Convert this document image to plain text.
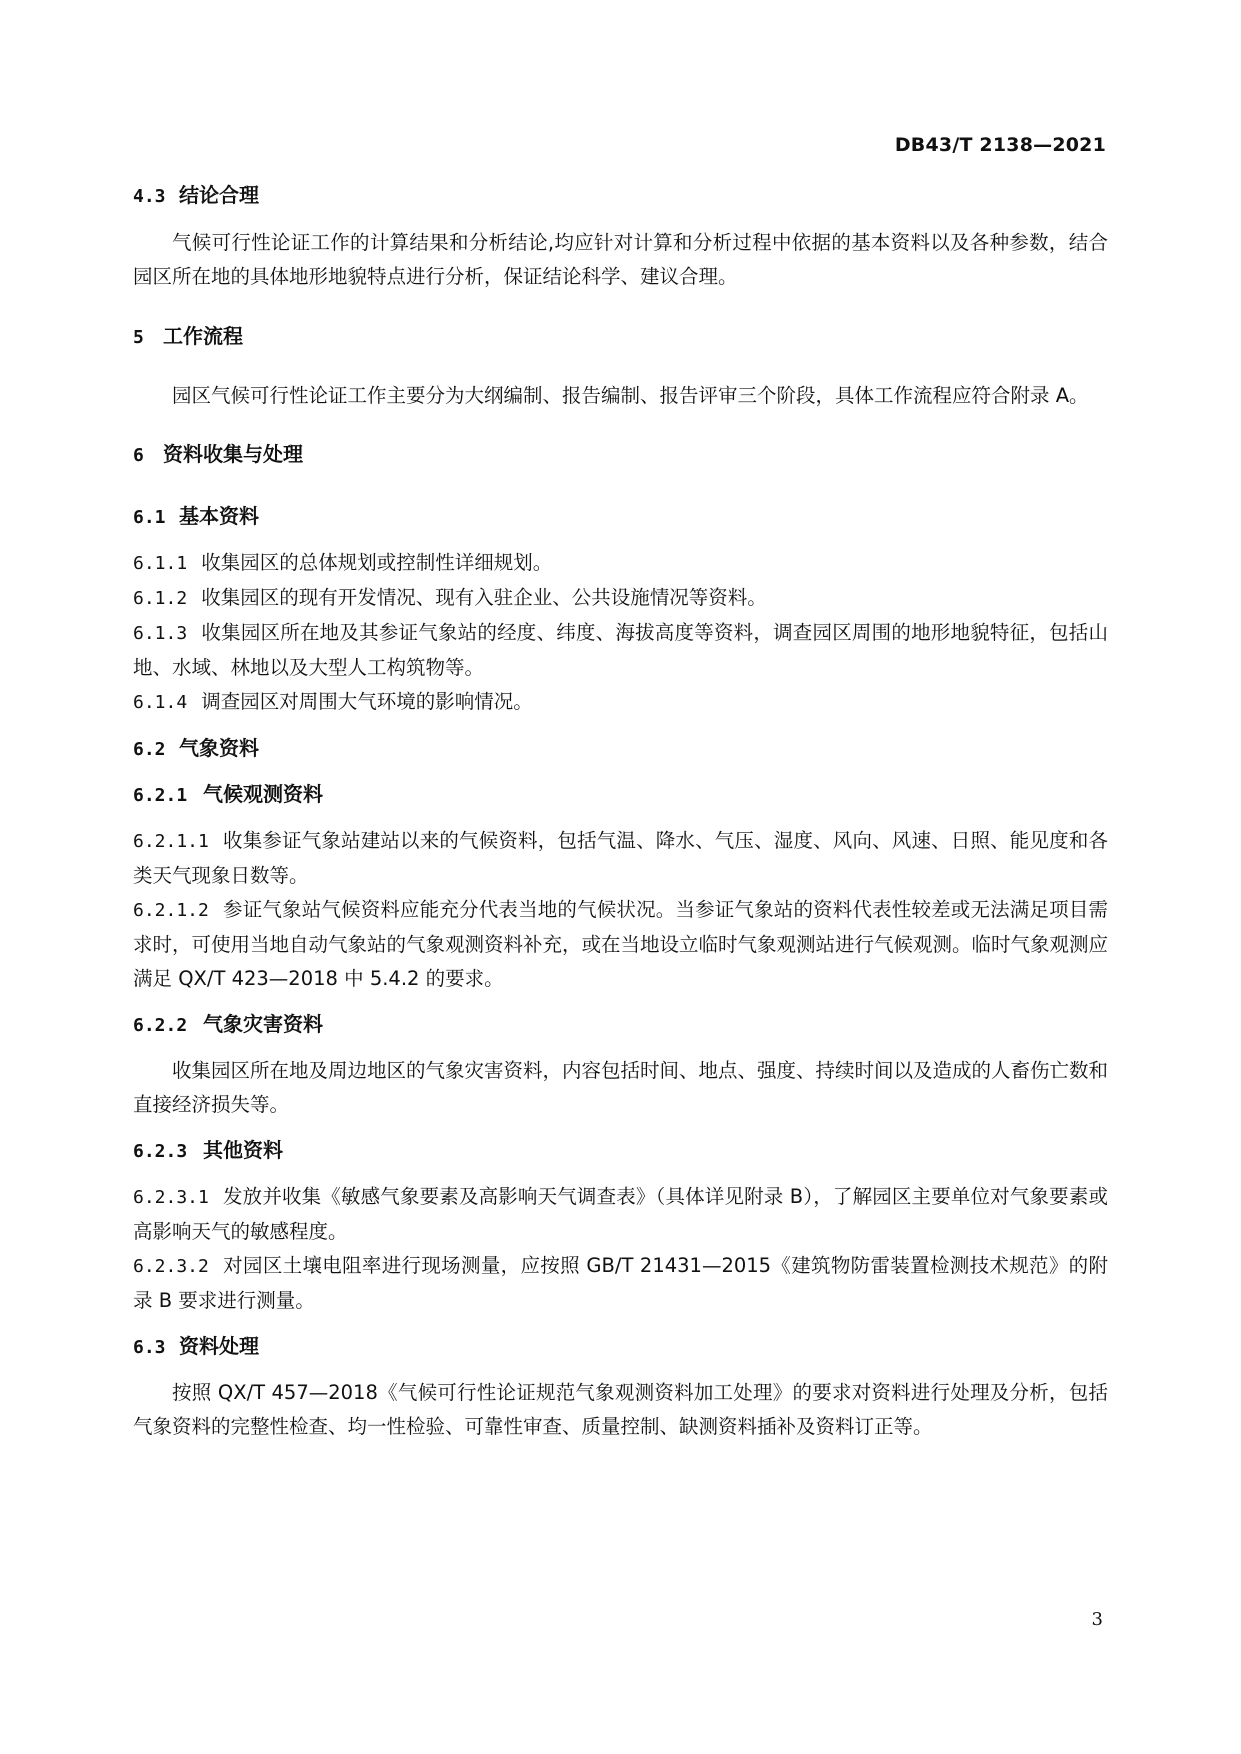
DB43/T 2138—2021
4.3 结论合理

气候可行性论证工作的计算结果和分析结论,均应针对计算和分析过程中依据的基本资料以及各种参数，结合园区所在地的具体地形地貌特点进行分析，保证结论科学、建议合理。

5 工作流程

园区气候可行性论证工作主要分为大纲编制、报告编制、报告评审三个阶段，具体工作流程应符合附录 A。

6 资料收集与处理
6.1 基本资料

6.1.1 收集园区的总体规划或控制性详细规划。

6.1.2 收集园区的现有开发情况、现有入驻企业、公共设施情况等资料。

6.1.3 收集园区所在地及其参证气象站的经度、纬度、海拔高度等资料，调查园区周围的地形地貌特征，包括山地、水域、林地以及大型人工构筑物等。

6.1.4 调查园区对周围大气环境的影响情况。

6.2 气象资料
6.2.1 气候观测资料

6.2.1.1 收集参证气象站建站以来的气候资料，包括气温、降水、气压、湿度、风向、风速、日照、能见度和各类天气现象日数等。

6.2.1.2 参证气象站气候资料应能充分代表当地的气候状况。当参证气象站的资料代表性较差或无法满足项目需求时，可使用当地自动气象站的气象观测资料补充，或在当地设立临时气象观测站进行气候观测。临时气象观测应满足 QX/T 423—2018 中 5.4.2 的要求。

6.2.2 气象灾害资料

收集园区所在地及周边地区的气象灾害资料，内容包括时间、地点、强度、持续时间以及造成的人畜伤亡数和直接经济损失等。

6.2.3 其他资料

6.2.3.1 发放并收集《敏感气象要素及高影响天气调查表》（具体详见附录 B），了解园区主要单位对气象要素或高影响天气的敏感程度。

6.2.3.2 对园区土壤电阻率进行现场测量，应按照 GB/T 21431—2015《建筑物防雷装置检测技术规范》的附录 B 要求进行测量。

6.3 资料处理

按照 QX/T 457—2018《气候可行性论证规范气象观测资料加工处理》的要求对资料进行处理及分析，包括气象资料的完整性检查、均一性检验、可靠性审查、质量控制、缺测资料插补及资料订正等。

3
